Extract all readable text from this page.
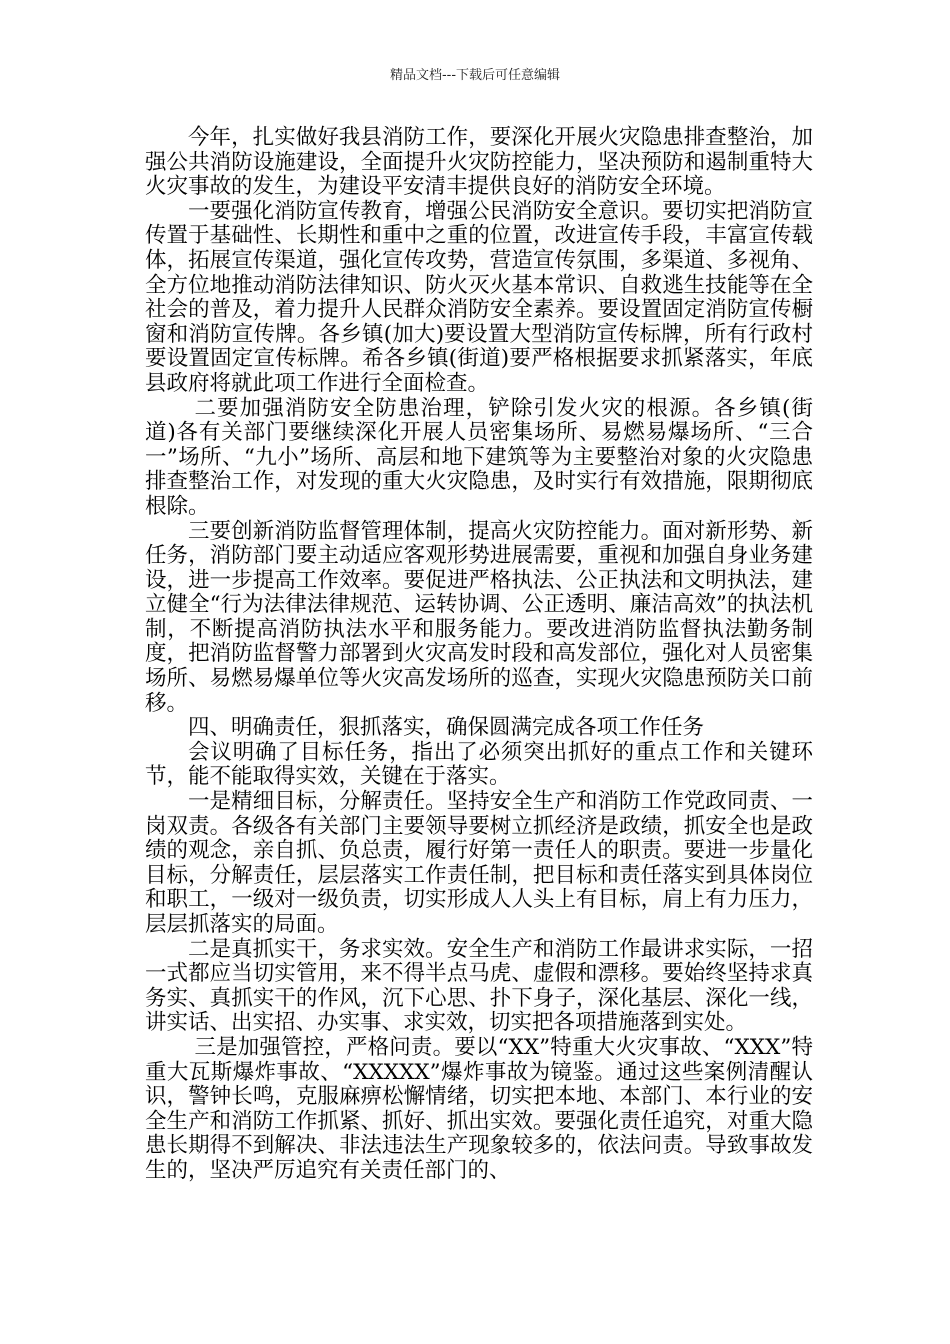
精品文档---下载后可任意编辑

今年，扎实做好我县消防工作，要深化开展火灾隐患排查整治，加强公共消防设施建设，全面提升火灾防控能力，坚决预防和遏制重特大火灾事故的发生，为建设平安清丰提供良好的消防安全环境。

一要强化消防宣传教育，增强公民消防安全意识。要切实把消防宣传置于基础性、长期性和重中之重的位置，改进宣传手段，丰富宣传载体，拓展宣传渠道，强化宣传攻势，营造宣传氛围，多渠道、多视角、全方位地推动消防法律知识、防火灭火基本常识、自救逃生技能等在全社会的普及，着力提升人民群众消防安全素养。要设置固定消防宣传橱窗和消防宣传牌。各乡镇(加大)要设置大型消防宣传标牌，所有行政村要设置固定宣传标牌。希各乡镇(街道)要严格根据要求抓紧落实，年底县政府将就此项工作进行全面检查。

二要加强消防安全防患治理，铲除引发火灾的根源。各乡镇(街道)各有关部门要继续深化开展人员密集场所、易燃易爆场所、“三合一”场所、“九小”场所、高层和地下建筑等为主要整治对象的火灾隐患排查整治工作，对发现的重大火灾隐患，及时实行有效措施，限期彻底根除。

三要创新消防监督管理体制，提高火灾防控能力。面对新形势、新任务，消防部门要主动适应客观形势进展需要，重视和加强自身业务建设，进一步提高工作效率。要促进严格执法、公正执法和文明执法，建立健全“行为法律法律规范、运转协调、公正透明、廉洁高效”的执法机制，不断提高消防执法水平和服务能力。要改进消防监督执法勤务制度，把消防监督警力部署到火灾高发时段和高发部位，强化对人员密集场所、易燃易爆单位等火灾高发场所的巡查，实现火灾隐患预防关口前移。

四、明确责任，狠抓落实，确保圆满完成各项工作任务

会议明确了目标任务，指出了必须突出抓好的重点工作和关键环节，能不能取得实效，关键在于落实。

一是精细目标，分解责任。坚持安全生产和消防工作党政同责、一岗双责。各级各有关部门主要领导要树立抓经济是政绩，抓安全也是政绩的观念，亲自抓、负总责，履行好第一责任人的职责。要进一步量化目标，分解责任，层层落实工作责任制，把目标和责任落实到具体岗位和职工，一级对一级负责，切实形成人人头上有目标，肩上有力压力，层层抓落实的局面。

二是真抓实干，务求实效。安全生产和消防工作最讲求实际，一招一式都应当切实管用，来不得半点马虎、虚假和漂移。要始终坚持求真务实、真抓实干的作风，沉下心思、扑下身子，深化基层、深化一线，讲实话、出实招、办实事、求实效，切实把各项措施落到实处。

三是加强管控，严格问责。要以“XX”特重大火灾事故、“XXX”特重大瓦斯爆炸事故、“XXXXX”爆炸事故为镜鉴。通过这些案例清醒认识，警钟长鸣，克服麻痹松懈情绪，切实把本地、本部门、本行业的安全生产和消防工作抓紧、抓好、抓出实效。要强化责任追究，对重大隐患长期得不到解决、非法违法生产现象较多的，依法问责。导致事故发生的，坚决严厉追究有关责任部门的、
